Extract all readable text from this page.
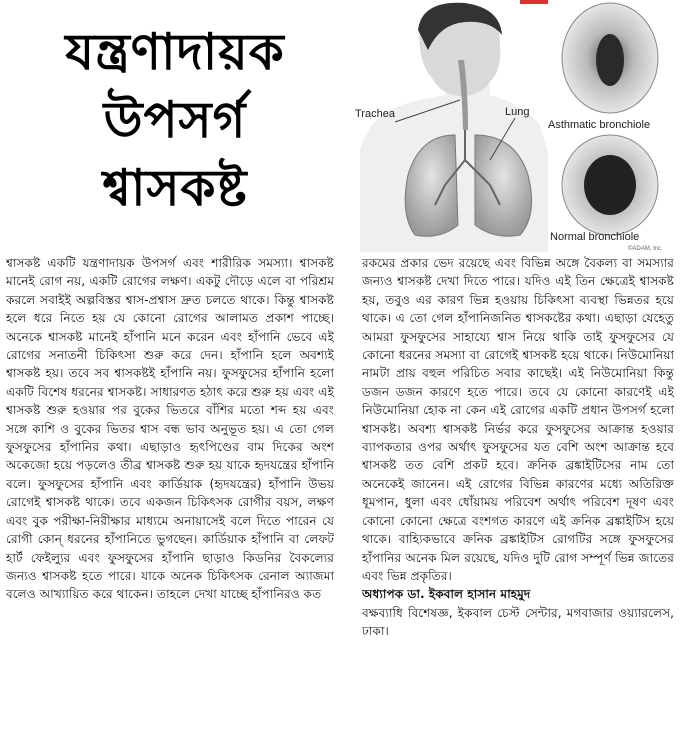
যন্ত্রণাদায়ক
উপসর্গ
শ্বাসকষ্ট
Trachea	Lung
Asthmatic bronchiole
Normal bronchiole
©ADAM, Inc.

শ্বাসকষ্ট একটি যন্ত্রণাদায়ক উপসর্গ এবং শারীরিক সমস্যা। শ্বাসকষ্ট মানেই রোগ নয়, একটি রোগের লক্ষণ। একটু দৌড়ে এলে বা পরিশ্রম করলে সবাইই অল্পবিস্তর শ্বাস-প্রশ্বাস দ্রুত চলতে থাকে। কিন্তু শ্বাসকষ্ট হলে ধরে নিতে হয় যে কোনো রোগের আলামত প্রকাশ পাচ্ছে। অনেকে শ্বাসকষ্ট মানেই হাঁপানি মনে করেন এবং হাঁপানি ভেবে এই রোগের সনাতনী চিকিৎসা শুরু করে দেন। হাঁপানি হলে অবশ্যই শ্বাসকষ্ট হয়। তবে সব শ্বাসকষ্টই হাঁপানি নয়। ফুসফুসের হাঁপানি হলো একটি বিশেষ ধরনের শ্বাসকষ্ট। সাধারণত হঠাৎ করে শুরু হয় এবং এই শ্বাসকষ্ট শুরু হওয়ার পর বুকের ভিতরে বাঁশির মতো শব্দ হয় এবং সঙ্গে কাশি ও বুকের ভিতর শ্বাস বন্ধ ভাব অনুভূত হয়। এ তো গেল ফুসফুসের হাঁপানির কথা। এছাড়াও হৃৎপিণ্ডের বাম দিকের অংশ অকেজো হয়ে পড়লেও তীব্র শ্বাসকষ্ট শুরু হয় যাকে হৃদযন্ত্রের হাঁপানি বলে। ফুসফুসের হাঁপানি এবং কার্ডিয়াক (হৃদযন্ত্রের) হাঁপানি উভয় রোগেই শ্বাসকষ্ট থাকে। তবে একজন চিকিৎসক রোগীর বয়স, লক্ষণ এবং বুক পরীক্ষা-নিরীক্ষার মাধ্যমে অনায়াসেই বলে দিতে পারেন যে রোগী কোন্ ধরনের হাঁপানিতে ভুগছেন। কার্ডিয়াক হাঁপানি বা লেফট হার্ট ফেইল্যুর এবং ফুসফুসের হাঁপানি ছাড়াও কিডনির বৈকল্যের জন্যও শ্বাসকষ্ট হতে পারে। যাকে অনেক চিকিৎসক রেনাল অ্যাজমা বলেও আখ্যায়িত করে থাকেন। তাহলে দেখা যাচ্ছে হাঁপানিরও কত

রকমের প্রকার ভেদ রয়েছে এবং বিভিন্ন অঙ্গে বৈকল্য বা সমস্যার জন্যও শ্বাসকষ্ট দেখা দিতে পারে। যদিও এই তিন ক্ষেত্রেই শ্বাসকষ্ট হয়, তবুও এর কারণ ভিন্ন হওয়ায় চিকিৎসা ব্যবস্থা ভিন্নতর হয়ে থাকে। এ তো গেল হাঁপানিজনিত শ্বাসকষ্টের কথা। এছাড়া যেহেতু আমরা ফুসফুসের সাহায্যে শ্বাস নিয়ে থাকি তাই ফুসফুসের যে কোনো ধরনের সমস্যা বা রোগেই শ্বাসকষ্ট হয়ে থাকে। নিউমোনিয়া নামটা প্রায় বহুল পরিচিত সবার কাছেই। এই নিউমোনিয়া কিন্তু ডজন ডজন কারণে হতে পারে। তবে যে কোনো কারণেই এই নিউমোনিয়া হোক না কেন এই রোগের একটি প্রধান উপসর্গ হলো শ্বাসকষ্ট। অবশ্য শ্বাসকষ্ট নির্ভর করে ফুসফুসের আক্রান্ত হওয়ার ব্যাপকতার ওপর অর্থাৎ ফুসফুসের যত বেশি অংশ আক্রান্ত হবে শ্বাসকষ্ট তত বেশি প্রকট হবে। ক্রনিক ব্রঙ্কাইটিসের নাম তো অনেকেই জানেন। এই রোগের বিভিন্ন কারণের মধ্যে অতিরিক্ত ধূমপান, ধুলা এবং ধোঁয়াময় পরিবেশ অর্থাৎ পরিবেশ দূষণ এবং কোনো কোনো ক্ষেত্রে বংশগত কারণে এই ক্রনিক ব্রঙ্কাইটিস হয়ে থাকে। বাহ্যিকভাবে ক্রনিক ব্রঙ্কাইটিস রোগটির সঙ্গে ফুসফুসের হাঁপানির অনেক মিল রয়েছে, যদিও দুটি রোগ সম্পূর্ণ ভিন্ন জাতের এবং ভিন্ন প্রকৃতির।

অধ্যাপক ডা. ইকবাল হাসান মাহমুদ

বক্ষব্যাধি বিশেষজ্ঞ, ইকবাল চেস্ট সেন্টার, মগবাজার ওয়্যারলেস, ঢাকা।
